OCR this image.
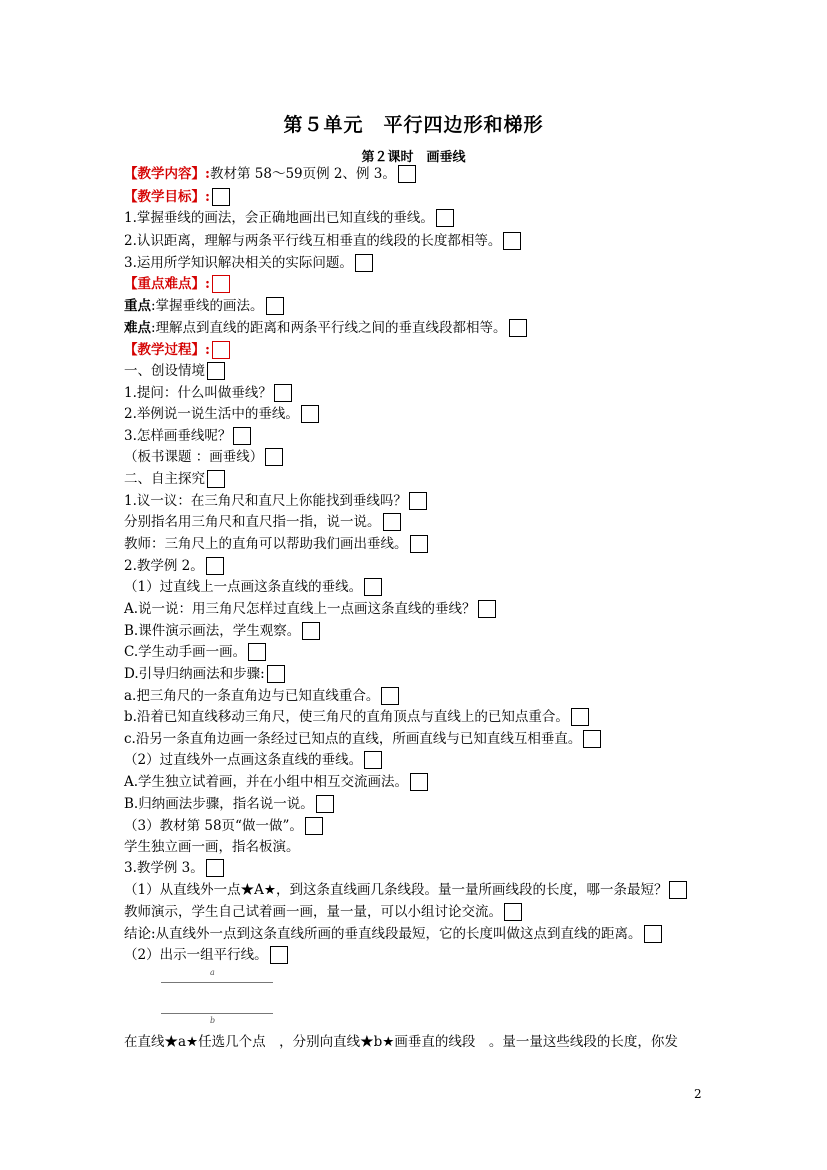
第５单元　平行四边形和梯形
第２课时　画垂线
【教学内容】:教材第 58～59页例 2、例 3。
【教学目标】:
1.掌握垂线的画法，会正确地画出已知直线的垂线。
2.认识距离，理解与两条平行线互相垂直的线段的长度都相等。
3.运用所学知识解决相关的实际问题。
【重点难点】:
重点:掌握垂线的画法。
难点:理解点到直线的距离和两条平行线之间的垂直线段都相等。
【教学过程】:
一、创设情境
1.提问：什么叫做垂线？
2.举例说一说生活中的垂线。
3.怎样画垂线呢？
（板书课题 ：画垂线）
二、自主探究
1.议一议：在三角尺和直尺上你能找到垂线吗？
分别指名用三角尺和直尺指一指，说一说。
教师：三角尺上的直角可以帮助我们画出垂线。
2.教学例 2。
（1）过直线上一点画这条直线的垂线。
A.说一说：用三角尺怎样过直线上一点画这条直线的垂线？
B.课件演示画法，学生观察。
C.学生动手画一画。
D.引导归纳画法和步骤:
a.把三角尺的一条直角边与已知直线重合。
b.沿着已知直线移动三角尺，使三角尺的直角顶点与直线上的已知点重合。
c.沿另一条直角边画一条经过已知点的直线，所画直线与已知直线互相垂直。
（2）过直线外一点画这条直线的垂线。
A.学生独立试着画，并在小组中相互交流画法。
B.归纳画法步骤，指名说一说。
（3）教材第 58页“做一做”。
学生独立画一画，指名板演。
3.教学例 3。
（1）从直线外一点★A★，到这条直线画几条线段。量一量所画线段的长度，哪一条最短？
教师演示，学生自己试着画一画，量一量，可以小组讨论交流。
结论:从直线外一点到这条直线所画的垂直线段最短，它的长度叫做这点到直线的距离。
（2）出示一组平行线。
a
b
在直线★a★任选几个点　，分别向直线★b★画垂直的线段　。量一量这些线段的长度，你发
2
